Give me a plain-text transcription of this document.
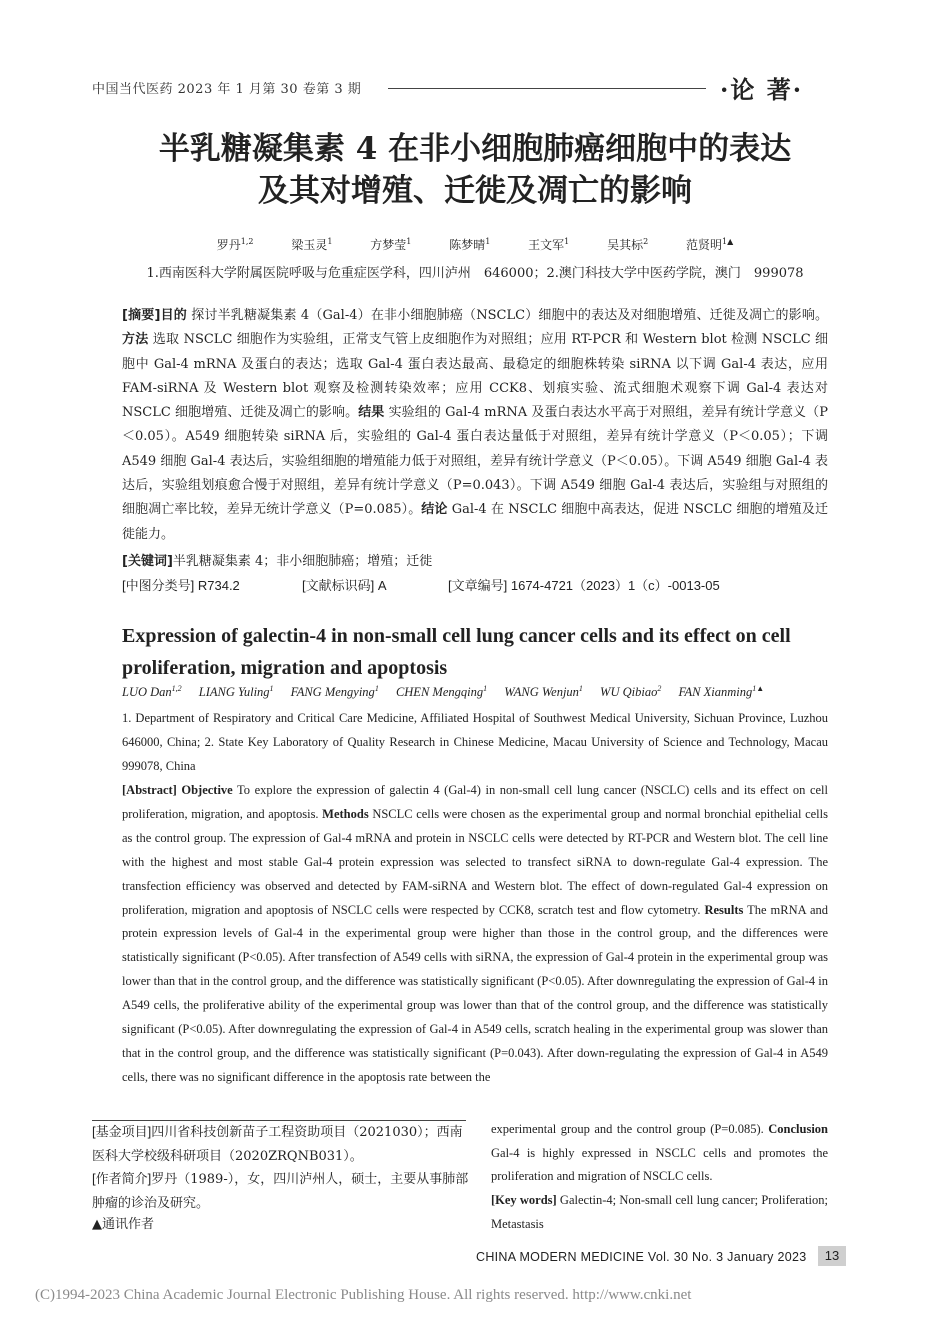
中国当代医药 2023 年 1 月第 30 卷第 3 期	·论 著·
半乳糖凝集素 4 在非小细胞肺癌细胞中的表达
及其对增殖、迁徙及凋亡的影响
罗丹$^{1,2}$	梁玉灵$^1$	方梦莹$^1$	陈梦晴$^1$	王文军$^1$	吴其标$^2$	范贤明$^{1▲}$
1.西南医科大学附属医院呼吸与危重症医学科，四川泸州　646000；2.澳门科技大学中医药学院，澳门　999078
[摘要]目的 探讨半乳糖凝集素 4（Gal-4）在非小细胞肺癌（NSCLC）细胞中的表达及对细胞增殖、迁徙及凋亡的影响。方法 选取 NSCLC 细胞作为实验组，正常支气管上皮细胞作为对照组；应用 RT-PCR 和 Western blot 检测 NSCLC 细胞中 Gal-4 mRNA 及蛋白的表达；选取 Gal-4 蛋白表达最高、最稳定的细胞株转染 siRNA 以下调 Gal-4 表达，应用 FAM-siRNA 及 Western blot 观察及检测转染效率；应用 CCK8、划痕实验、流式细胞术观察下调 Gal-4 表达对 NSCLC 细胞增殖、迁徙及凋亡的影响。结果 实验组的 Gal-4 mRNA 及蛋白表达水平高于对照组，差异有统计学意义（P＜0.05）。A549 细胞转染 siRNA 后，实验组的 Gal-4 蛋白表达量低于对照组，差异有统计学意义（P＜0.05）；下调 A549 细胞 Gal-4 表达后，实验组细胞的增殖能力低于对照组，差异有统计学意义（P＜0.05）。下调 A549 细胞 Gal-4 表达后，实验组划痕愈合慢于对照组，差异有统计学意义（P=0.043）。下调 A549 细胞 Gal-4 表达后，实验组与对照组的细胞凋亡率比较，差异无统计学意义（P=0.085）。结论 Gal-4 在 NSCLC 细胞中高表达，促进 NSCLC 细胞的增殖及迁徙能力。
[关键词]半乳糖凝集素 4；非小细胞肺癌；增殖；迁徙
[中图分类号] R734.2	[文献标识码] A	[文章编号] 1674-4721（2023）1（c）-0013-05
Expression of galectin-4 in non-small cell lung cancer cells and its effect on cell proliferation, migration and apoptosis
LUO Dan$^{1,2}$ LIANG Yuling$^1$ FANG Mengying$^1$ CHEN Mengqing$^1$ WANG Wenjun$^1$ WU Qibiao$^2$ FAN Xianming$^{1▲}$
1. Department of Respiratory and Critical Care Medicine, Affiliated Hospital of Southwest Medical University, Sichuan Province, Luzhou　646000, China; 2. State Key Laboratory of Quality Research in Chinese Medicine, Macau University of Science and Technology, Macau　999078, China
[Abstract] Objective To explore the expression of galectin 4 (Gal-4) in non-small cell lung cancer (NSCLC) cells and its effect on cell proliferation, migration, and apoptosis. Methods NSCLC cells were chosen as the experimental group and normal bronchial epithelial cells as the control group. The expression of Gal-4 mRNA and protein in NSCLC cells were detected by RT-PCR and Western blot. The cell line with the highest and most stable Gal-4 protein expression was selected to transfect siRNA to down-regulate Gal-4 expression. The transfection efficiency was observed and detected by FAM-siRNA and Western blot. The effect of down-regulated Gal-4 expression on proliferation, migration and apoptosis of NSCLC cells were respected by CCK8, scratch test and flow cytometry. Results The mRNA and protein expression levels of Gal-4 in the experimental group were higher than those in the control group, and the differences were statistically significant (P<0.05). After transfection of A549 cells with siRNA, the expression of Gal-4 protein in the experimental group was lower than that in the control group, and the difference was statistically significant (P<0.05). After downregulating the expression of Gal-4 in A549 cells, the proliferative ability of the experimental group was lower than that of the control group, and the difference was statistically significant (P<0.05). After downregulating the expression of Gal-4 in A549 cells, scratch healing in the experimental group was slower than that in the control group, and the difference was statistically significant (P=0.043). After down-regulating the expression of Gal-4 in A549 cells, there was no significant difference in the apoptosis rate between the
[基金项目]四川省科技创新苗子工程资助项目（2021030）；西南医科大学校级科研项目（2020ZRQNB031）。
[作者简介]罗丹（1989-），女，四川泸州人，硕士，主要从事肺部肿瘤的诊治及研究。
▲通讯作者
experimental group and the control group (P=0.085). Conclusion Gal-4 is highly expressed in NSCLC cells and promotes the proliferation and migration of NSCLC cells.
[Key words] Galectin-4; Non-small cell lung cancer; Proliferation; Metastasis
CHINA MODERN MEDICINE Vol. 30 No. 3 January 2023	13
(C)1994-2023 China Academic Journal Electronic Publishing House. All rights reserved. http://www.cnki.net
